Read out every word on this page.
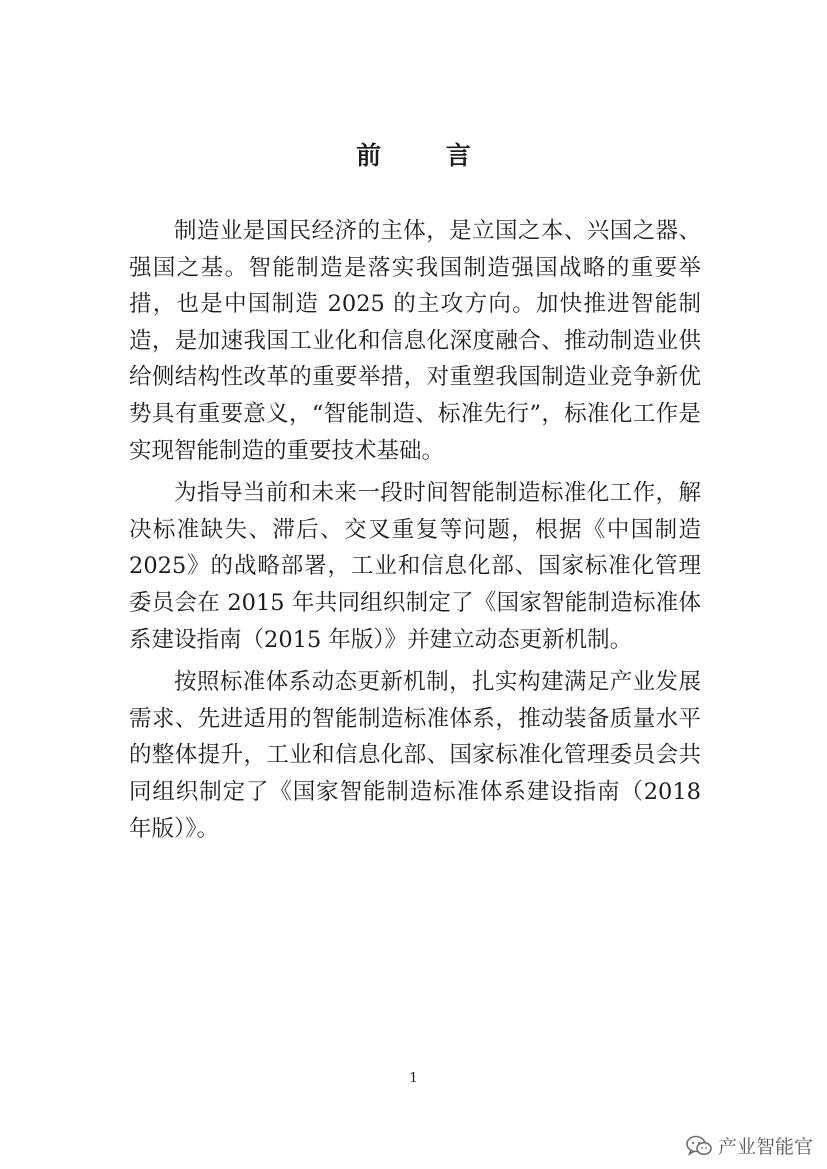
前 言

制造业是国民经济的主体，是立国之本、兴国之器、强国之基。智能制造是落实我国制造强国战略的重要举措，也是中国制造 2025 的主攻方向。加快推进智能制造，是加速我国工业化和信息化深度融合、推动制造业供给侧结构性改革的重要举措，对重塑我国制造业竞争新优势具有重要意义，“智能制造、标准先行”，标准化工作是实现智能制造的重要技术基础。

为指导当前和未来一段时间智能制造标准化工作，解决标准缺失、滞后、交叉重复等问题，根据《中国制造 2025》的战略部署，工业和信息化部、国家标准化管理委员会在 2015 年共同组织制定了《国家智能制造标准体系建设指南（2015 年版）》并建立动态更新机制。

按照标准体系动态更新机制，扎实构建满足产业发展需求、先进适用的智能制造标准体系，推动装备质量水平的整体提升，工业和信息化部、国家标准化管理委员会共同组织制定了《国家智能制造标准体系建设指南（2018 年版）》。

1
产业智能官
